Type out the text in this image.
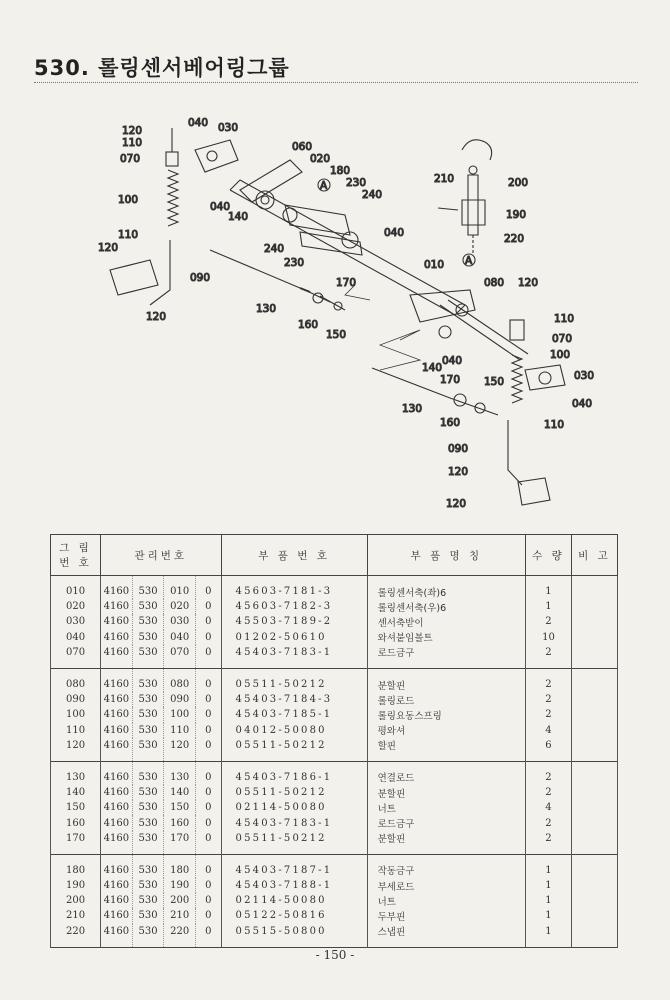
530. 롤링센서베어링그룹
120
110
070
040 030
060
020
180
230
240
210	200
190
220
100
040
140
240
230
040
110
120
090
120
130
170
010
080 120
160
150
110
070
100
040
140
030
040
170 150
130
160	110
090
120
120
A
A
그 림
번 호	관리번호				부 품 번 호	부 품 명 칭	수 량	비 고
010	4160	530	010	0	45603-7181-3	롤링센서축(좌)6	1	
020	4160	530	020	0	45603-7182-3	롤링센서축(우)6	1	
030	4160	530	030	0	45503-7189-2	센서축받이	2	
040	4160	530	040	0	01202-50610	와셔붙임볼트	10	
070	4160	530	070	0	45403-7183-1	로드금구	2	
080	4160	530	080	0	05511-50212	분할핀	2	
090	4160	530	090	0	45403-7184-3	롤링로드	2	
100	4160	530	100	0	45403-7185-1	롤링요동스프링	2	
110	4160	530	110	0	04012-50080	평와셔	4	
120	4160	530	120	0	05511-50212	할핀	6	
130	4160	530	130	0	45403-7186-1	연결로드	2	
140	4160	530	140	0	05511-50212	분할핀	2	
150	4160	530	150	0	02114-50080	너트	4	
160	4160	530	160	0	45403-7183-1	로드금구	2	
170	4160	530	170	0	05511-50212	분할핀	2	
180	4160	530	180	0	45403-7187-1	작동금구	1	
190	4160	530	190	0	45403-7188-1	부세로드	1	
200	4160	530	200	0	02114-50080	너트	1	
210	4160	530	210	0	05122-50816	두부핀	1	
220	4160	530	220	0	05515-50800	스냅핀	1	
- 150 -
